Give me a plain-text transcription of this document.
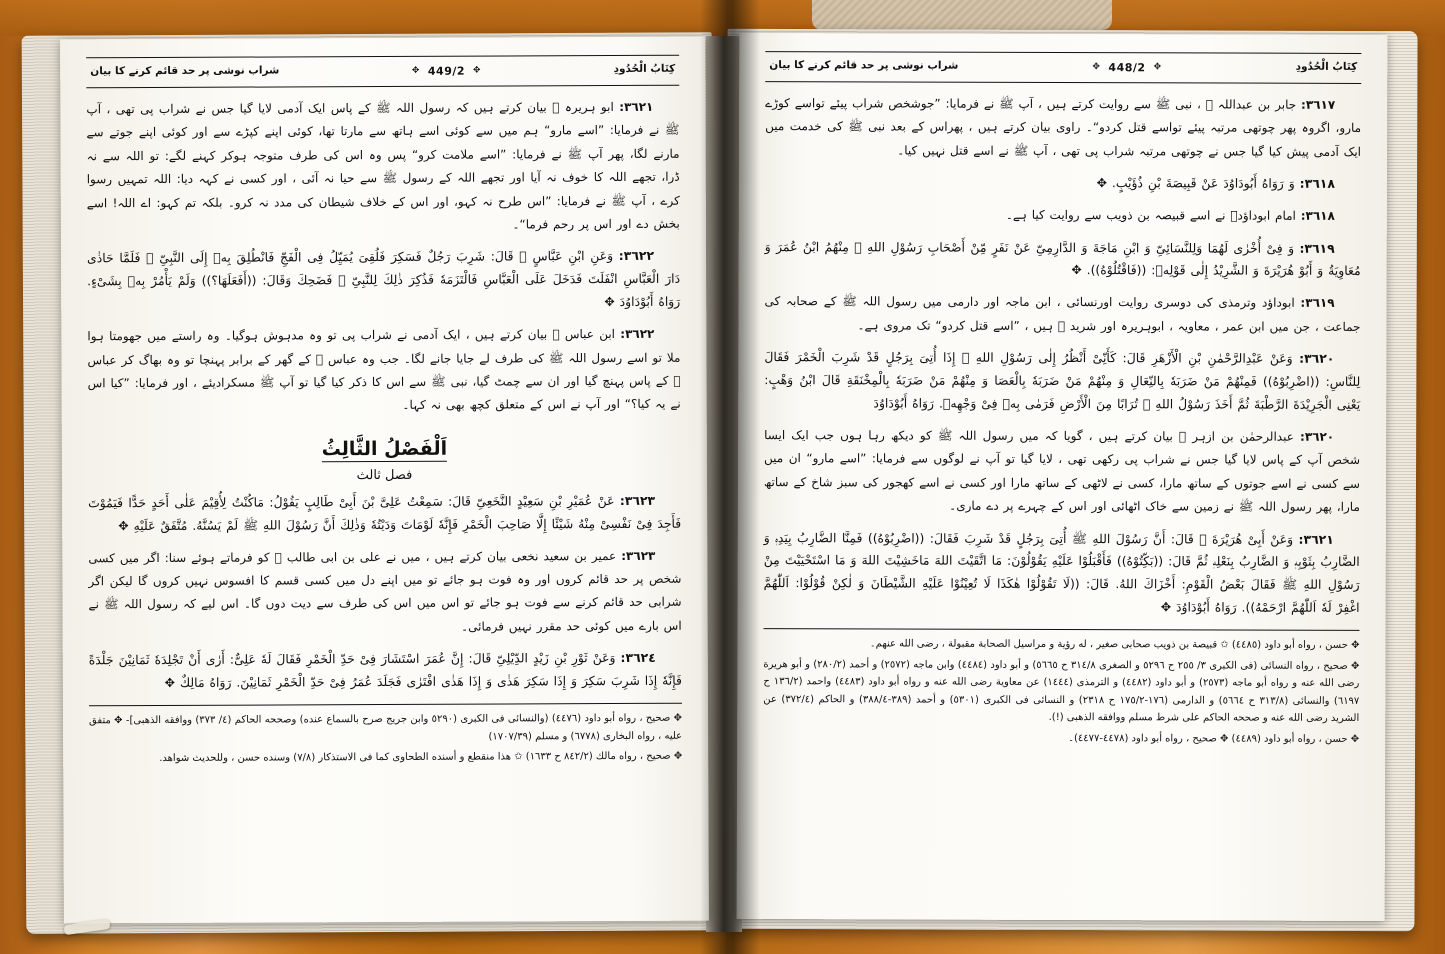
كِتَابُ الْحُدُودِ
✥
449/2
✥
شراب نوشی پر حد قائم کرنے کا بیان
٣٦٢١: ابو ہریرہ ﷛ بیان کرتے ہیں کہ رسول اللہ ﷺ کے پاس ایک آدمی لایا گیا جس نے شراب پی تھی ، آپ ﷺ نے فرمایا: ”اسے مارو“ ہم میں سے کوئی اسے ہاتھ سے مارتا تھا، کوئی اپنے کپڑے سے اور کوئی اپنے جوتے سے مارنے لگا، پھر آپ ﷺ نے فرمایا: ”اسے ملامت کرو“ پس وہ اس کی طرف متوجہ ہوکر کہنے لگے: تو اللہ سے نہ ڈرا، تجھے اللہ کا خوف نہ آیا اور تجھے اللہ کے رسول ﷺ سے حیا نہ آئی ، اور کسی نے کہہ دیا: اللہ تمہیں رسوا کرے ، آپ ﷺ نے فرمایا: ”اس طرح نہ کہو، اور اس کے خلاف شیطان کی مدد نہ کرو۔ بلکہ تم کہو: اے اللہ! اسے بخش دے اور اس پر رحم فرما“۔
٣٦٢٢: وَعَنِ ابْنِ عَبَّاسٍ ﷛ قَالَ: شَرِبَ رَجُلٌ فَسَكِرَ فَلُقِىَ يُمَيِّلُ فِى الْفَجِّ فَانْطُلِقَ بِهٖ إِلَى النَّبِىِّ ﷺ فَلَمَّا حَاذٰى دَارَ الْعَبَّاسِ انْفَلَتَ فَدَخَلَ عَلَى الْعَبَّاسِ فَالْتَزَمَهٗ فَذُكِرَ ذٰلِكَ لِلنَّبِىِّ ﷺ فَضَحِكَ وَقَالَ: ((أَفَعَلَهَا؟)) وَلَمْ يَأْمُرْ بِهٖ بِشَىْءٍ. رَوَاهُ أَبُوْدَاوُدَ ✥
٣٦٢٢: ابن عباس ﷛ بیان کرتے ہیں ، ایک آدمی نے شراب پی تو وہ مدہوش ہوگیا۔ وہ راستے میں جھومتا ہوا ملا تو اسے رسول اللہ ﷺ کی طرف لے جایا جانے لگا۔ جب وہ عباس ﷛ کے گھر کے برابر پہنچا تو وہ بھاگ کر عباس ﷛ کے پاس پہنچ گیا اور ان سے چمٹ گیا، نبی ﷺ سے اس کا ذکر کیا گیا تو آپ ﷺ مسکرادیئے ، اور فرمایا: ”کیا اس نے یہ کیا؟“ اور آپ نے اس کے متعلق کچھ بھی نہ کہا۔
اَلْفَصْلُ الثَّالِثُ
فصل ثالث
٣٦٢٣: عَنْ عُمَيْرِ بْنِ سَعِيْدٍ النَّخَعِىِّ قَالَ: سَمِعْتُ عَلِىَّ بْنَ أَبِىْ طَالِبٍ يَقُوْلُ: مَاكُنْتُ لِأُقِيْمَ عَلٰى أَحَدٍ حَدًّا فَيَمُوْتَ فَأَجِدَ فِىْ نَفْسِىْ مِنْهُ شَيْئًا إِلَّا صَاحِبَ الْخَمْرِ فَإِنَّهٗ لَوْمَاتَ وَدَيْتُهٗ وَذٰلِكَ أَنَّ رَسُوْلَ اللهِ ﷺ لَمْ يَسُنَّهُ. مُتَّفَقٌ عَلَيْهِ ✥
٣٦٢٣: عمیر بن سعید نخعی بیان کرتے ہیں ، میں نے علی بن ابی طالب ﷛ کو فرماتے ہوئے سنا: اگر میں کسی شخص پر حد قائم کروں اور وہ فوت ہو جائے تو میں اپنے دل میں کسی قسم کا افسوس نہیں کروں گا لیکن اگر شرابی حد قائم کرنے سے فوت ہو جائے تو اس میں اس کی طرف سے دیت دوں گا۔ اس لیے کہ رسول اللہ ﷺ نے اس بارے میں کوئی حد مقرر نہیں فرمائی۔
٣٦٢٤: وَعَنْ ثَوْرِ بْنِ زَيْدٍ الدِّيْلِىِّ قَالَ: إِنَّ عُمَرَ اسْتَشَارَ فِىْ حَدِّ الْخَمْرِ فَقَالَ لَهٗ عَلِىٌّ: أَرٰى أَنْ تَجْلِدَهٗ ثَمَانِيْنَ جَلْدَةً فَإِنَّهٗ إِذَا شَرِبَ سَكِرَ وَ إِذَا سَكِرَ هَذٰى وَ إِذَا هَذٰى افْتَرٰى فَجَلَدَ عُمَرُ فِىْ حَدِّ الْخَمْرِ ثَمَانِيْنَ. رَوَاهُ مَالِكٌ ✥
✥ صحيح ، رواه أبو داود (٤٤٧٦) (والنسائى فى الكبرى (٥٢٩٠ وابن جريج صرح بالسماع عنده) وصححه الحاكم (٤/ ٣٧٣) ووافقه الذهبى]- ✥ متفق عليه ، رواه البخارى (٦٧٧٨) و مسلم (١٧٠٧/٣٩)
✥ صحيح ، رواه مالك (٨٤٢/٢ ح ١٦٣٣) ✩ هذا منقطع و أسنده الطحاوى كما فى الاستذكار (٧/٨) وسنده حسن ، وللحديث شواهد.
كِتَابُ الْحُدُودِ
✥
448/2
✥
شراب نوشی پر حد قائم کرنے کا بیان
٣٦١٧: جابر بن عبداللہ ﷛ ، نبی ﷺ سے روایت کرتے ہیں ، آپ ﷺ نے فرمایا: ”جوشخص شراب پیئے تواسے کوڑے مارو، اگروہ پھر چوتھی مرتبہ پیئے تواسے قتل کردو“۔ راوی بیان کرتے ہیں ، پھراس کے بعد نبی ﷺ کی خدمت میں ایک آدمی پیش کیا گیا جس نے چوتھی مرتبہ شراب پی تھی ، آپ ﷺ نے اسے قتل نہیں کیا۔
٣٦١٨: وَ رَوَاهُ أَبُودَاوُدَ عَنْ قَبِيصَةَ بْنِ ذُؤَيْبٍ. ✥
٣٦١٨: امام ابوداؤدؒ نے اسے قبیصہ بن ذویب سے روایت کیا ہے۔
٣٦١٩: وَ فِىْ أُخْرٰى لَهُمَا وَلِلنَّسَائِىِّ وَ ابْنِ مَاجَةَ وَ الدَّارِمِىِّ عَنْ نَفَرٍ مِّنْ أَصْحَابِ رَسُوْلِ اللهِ ﷺ مِنْهُمُ ابْنُ عُمَرَ وَ مُعَاوِيَةُ وَ أَبُوْ هُرَيْرَةَ وَ الشَّرِيْدُ إِلٰى قَوْلِهٖ: ((فَاقْتُلُوْهُ)). ✥
٣٦١٩: ابوداؤد وترمذی کی دوسری روایت اورنسائی ، ابن ماجہ اور دارمی میں رسول اللہ ﷺ کے صحابہ کی جماعت ، جن میں ابن عمر ، معاویہ ، ابوہریرہ اور شرید ﷛ ہیں ، ”اسے قتل کردو“ تک مروی ہے۔
٣٦٢٠: وَعَنْ عَبْدِالرَّحْمٰنِ بْنِ الْأَزْهَرِ قَالَ: كَأَنِّىْ أَنْظُرُ إِلٰى رَسُوْلِ اللهِ ﷺ إِذَا أُتِىَ بِرَجُلٍ قَدْ شَرِبَ الْخَمْرَ فَقَالَ لِلنَّاسِ: ((اضْرِبُوْهُ)) فَمِنْهُمْ مَنْ ضَرَبَهٗ بِالنِّعَالِ وَ مِنْهُمْ مَنْ ضَرَبَهٗ بِالْعَصَا وَ مِنْهُمْ مَنْ ضَرَبَهٗ بِالْمِخْنَقَةِ قَالَ ابْنُ وَهْبٍ: يَعْنِى الْجَرِيْدَةَ الرَّطْبَةَ ثُمَّ أَخَذَ رَسُوْلُ اللهِ ﷺ تُرَابًا مِنَ الْأَرْضِ فَرَمٰى بِهٖ فِىْ وَجْهِهٖ. رَوَاهُ أَبُوْدَاوُدَ
٣٦٢٠: عبدالرحمٰن بن ازہر ﷛ بیان کرتے ہیں ، گویا کہ میں رسول اللہ ﷺ کو دیکھ رہا ہوں جب ایک ایسا شخص آپ کے پاس لایا گیا جس نے شراب پی رکھی تھی ، لایا گیا تو آپ نے لوگوں سے فرمایا: ”اسے مارو“ ان میں سے کسی نے اسے جوتوں کے ساتھ مارا، کسی نے لاٹھی کے ساتھ مارا اور کسی نے اسے کھجور کی سبز شاخ کے ساتھ مارا، پھر رسول اللہ ﷺ نے زمین سے خاک اٹھائی اور اس کے چہرے پر دے ماری۔
٣٦٢١: وَعَنْ أَبِىْ هُرَيْرَةَ ﷛ قَالَ: أَنَّ رَسُوْلَ اللهِ ﷺ أُتِىَ بِرَجُلٍ قَدْ شَرِبَ فَقَالَ: ((اضْرِبُوْهُ)) فَمِنَّا الضَّارِبُ بِيَدِهٖ وَ الضَّارِبُ بِثَوْبِهٖ وَ الضَّارِبُ بِنَعْلِهٖ ثُمَّ قَالَ: ((بَكِّتُوْهُ)) فَأَقْبَلُوْا عَلَيْهِ يَقُوْلُوْنَ: مَا اتَّقَيْتَ اللهَ مَاخَشِيْتَ اللهَ وَ مَا اسْتَحْيَيْتَ مِنْ رَسُوْلِ اللهِ ﷺ فَقَالَ بَعْضُ الْقَوْمِ: أَخْزَاكَ اللهُ. قَالَ: ((لَا تَقُوْلُوْا هٰكَذَا لَا تُعِيْنُوْا عَلَيْهِ الشَّيْطَانَ وَ لٰكِنْ قُوْلُوْا: اَللّٰهُمَّ اغْفِرْ لَهٗ اَللّٰهُمَّ ارْحَمْهُ)). رَوَاهُ أَبُوْدَاوُدَ ✥
✥ حسن ، رواه أبو داود (٤٤٨٥) ✩ قبيصة بن ذويب صحابى صغير ، له رؤية و مراسيل الصحابة مقبولة ، رضى الله عنهم۔
✥ صحيح ، رواه النسائى (فى الكبرى ٣/ ٢٥٥ ح ٥٢٩٦ و الصغرى ٣١٤/٨ ح ٥٦٦٥) و أبو داود (٤٤٨٤) وابن ماجه (٢٥٧٢) و أحمد (٢٨٠/٢) و أبو هريرة رضى الله عنه و رواه أبو ماجه (٢٥٧٣) و أبو داود (٤٤٨٢) و الترمذى (١٤٤٤) عن معاوية رضى الله عنه و رواه أبو داود (٤٤٨٣) واحمد (١٣٦/٢ ح ٦١٩٧) والنسائى (٣١٣/٨ ح ٥٦٦٤) و الدارمى (١٧٦-١٧٥/٢ ح ٢٣١٨) و النسائى فى الكبرى (٥٣٠١) و أحمد (٣٨٩-٣٨٨/٤) و الحاكم (٣٧٢/٤) عن الشريد رضى الله عنه و صححه الحاكم على شرط مسلم ووافقه الذهبى (!).
✥ حسن ، رواه أبو داود (٤٤٨٩) ✥ صحيح ، رواه أبو داود (٤٤٧٨-٤٤٧٧)۔
